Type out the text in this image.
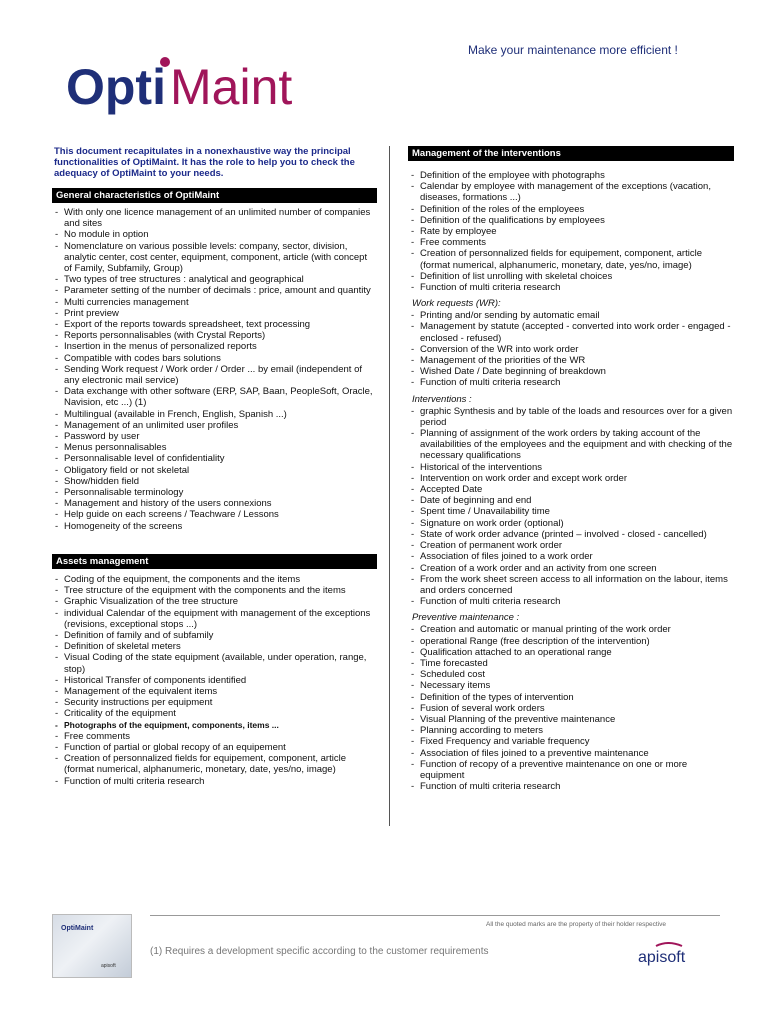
Make your maintenance more efficient !
Opti Maint
This document recapitulates in a nonexhaustive way the principal functionalities of OptiMaint. It has the role to help you to check the adequacy of OptiMaint to your needs.
General characteristics of OptiMaint
- With only one licence management of an unlimited number of companies and sites
- No module in option
- Nomenclature on various possible levels: company, sector, division, analytic center, cost center, equipment, component, article (with concept of Family, Subfamily, Group)
- Two types of tree structures : analytical and geographical
- Parameter setting of the number of decimals : price, amount and quantity
- Multi currencies management
- Print preview
- Export of the reports towards spreadsheet, text processing
- Reports personnalisables (with Crystal Reports)
- Insertion in the menus of personalized reports
- Compatible with codes bars solutions
- Sending Work request / Work order / Order ... by email (independent of any electronic mail service)
- Data exchange with other software (ERP, SAP, Baan, PeopleSoft, Oracle, Navision, etc ...) (1)
- Multilingual (available in French, English, Spanish ...)
- Management of an unlimited user profiles
- Password by user
- Menus personnalisables
- Personnalisable level of confidentiality
- Obligatory field or not skeletal
- Show/hidden field
- Personnalisable terminology
- Management and history of the users connexions
- Help guide on each screens / Teachware / Lessons
- Homogeneity of the screens
Assets management
- Coding of the equipment, the components and the items
- Tree structure of the equipment with the components and the items
- Graphic Visualization of the tree structure
- individual Calendar of the equipment with management of the exceptions (revisions, exceptional stops ...)
- Definition of family and of subfamily
- Definition of skeletal meters
- Visual Coding of the state equipment (available, under operation, range, stop)
- Historical Transfer of components identified
- Management of the equivalent items
- Security instructions per equipment
- Criticality of the equipment
- Photographs of the equipment, components, items ...
- Free comments
- Function of partial or global recopy of an equipement
- Creation of personnalized fields for equipement, component, article (format numerical, alphanumeric, monetary, date, yes/no, image)
- Function of multi criteria research
Management of the interventions
- Definition of the employee with photographs
- Calendar by employee with management of the exceptions (vacation, diseases, formations ...)
- Definition of the roles of the employees
- Definition of the qualifications by employees
- Rate by employee
- Free comments
- Creation of personnalized fields for equipement, component, article (format numerical, alphanumeric, monetary, date, yes/no, image)
- Definition of list unrolling with skeletal choices
- Function of multi criteria research
Work requests (WR):
- Printing and/or sending by automatic email
- Management by statute (accepted - converted into work order - engaged - enclosed - refused)
- Conversion of the WR into work order
- Management of the priorities of the WR
- Wished Date / Date beginning of breakdown
- Function of multi criteria research
Interventions :
- graphic Synthesis and by table of the loads and resources over for a given period
- Planning of assignment of the work orders by taking account of the availabilities of the employees and the equipment and with checking of the necessary qualifications
- Historical of the interventions
- Intervention on work order and except work order
- Accepted Date
- Date of beginning and end
- Spent time / Unavailability time
- Signature on work order (optional)
- State of work order advance (printed – involved - closed - cancelled)
- Creation of permanent work order
- Association of files joined to a work order
- Creation of a work order and an activity from one screen
- From the work sheet screen access to all information on the labour, items and orders concerned
- Function of multi criteria research
Preventive maintenance :
- Creation and automatic or manual printing of the work order
- operational Range (free description of the intervention)
- Qualification attached to an operational range
- Time forecasted
- Scheduled cost
- Necessary items
- Definition of the types of intervention
- Fusion of several work orders
- Visual Planning of the preventive maintenance
- Planning according to meters
- Fixed Frequency and variable frequency
- Association of files joined to a preventive maintenance
- Function of recopy of a preventive maintenance on one or more equipment
- Function of multi criteria research
OptiMaint
apisoft
All the quoted marks are the property of their holder respective
(1) Requires a development specific according to the customer requirements	apisoft
